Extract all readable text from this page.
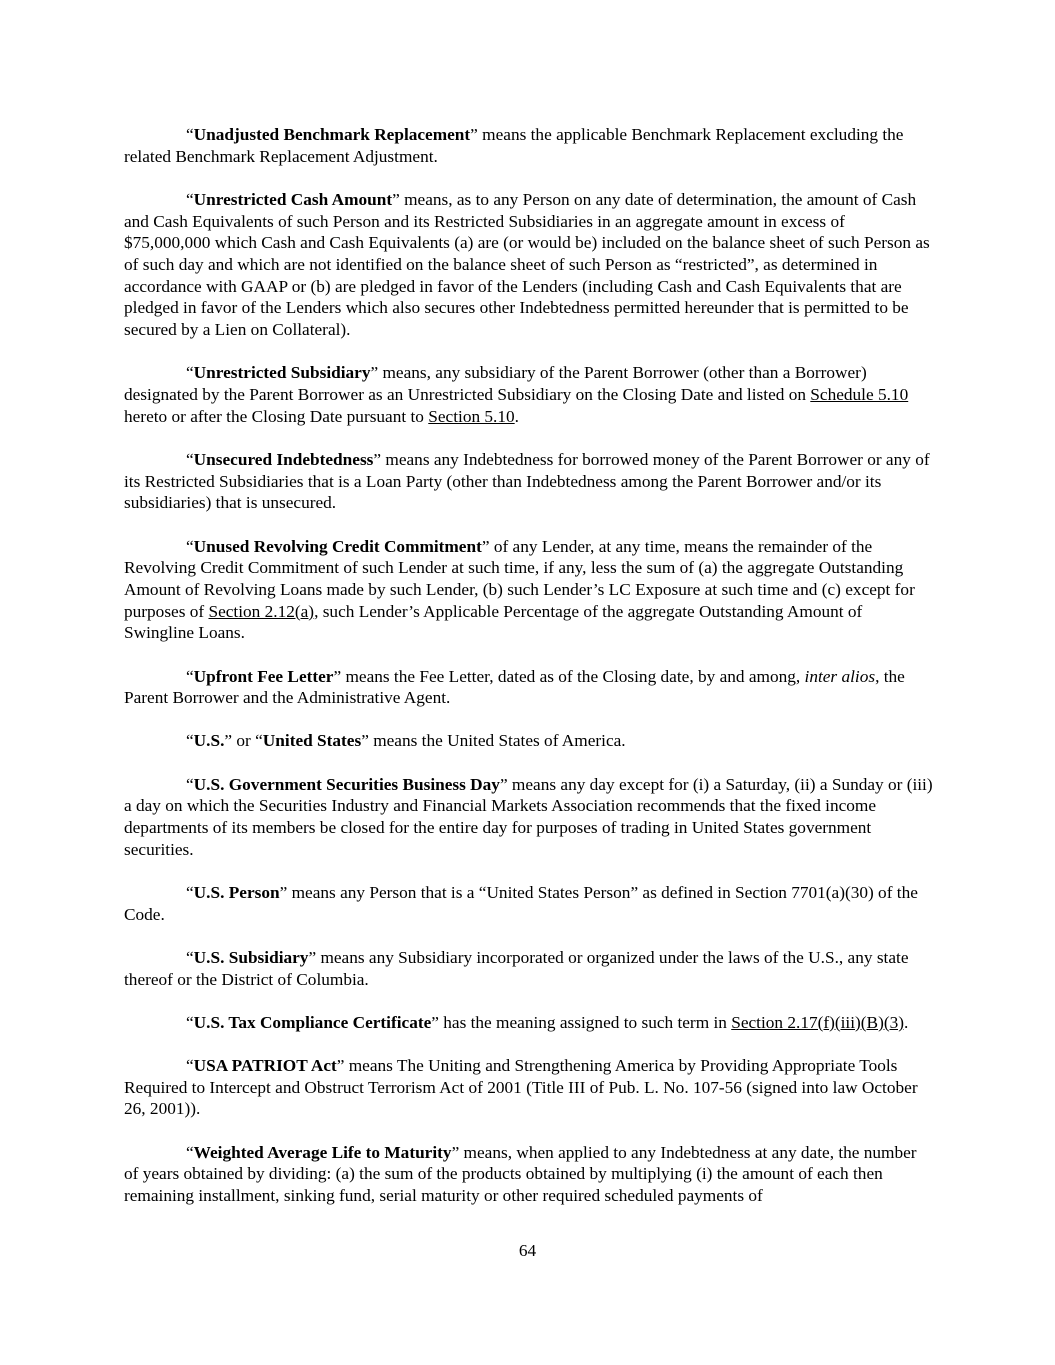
“Unadjusted Benchmark Replacement” means the applicable Benchmark Replacement excluding the related Benchmark Replacement Adjustment.

“Unrestricted Cash Amount” means, as to any Person on any date of determination, the amount of Cash and Cash Equivalents of such Person and its Restricted Subsidiaries in an aggregate amount in excess of $75,000,000 which Cash and Cash Equivalents (a) are (or would be) included on the balance sheet of such Person as of such day and which are not identified on the balance sheet of such Person as “restricted”, as determined in accordance with GAAP or (b) are pledged in favor of the Lenders (including Cash and Cash Equivalents that are pledged in favor of the Lenders which also secures other Indebtedness permitted hereunder that is permitted to be secured by a Lien on Collateral).

“Unrestricted Subsidiary” means, any subsidiary of the Parent Borrower (other than a Borrower) designated by the Parent Borrower as an Unrestricted Subsidiary on the Closing Date and listed on Schedule 5.10 hereto or after the Closing Date pursuant to Section 5.10.

“Unsecured Indebtedness” means any Indebtedness for borrowed money of the Parent Borrower or any of its Restricted Subsidiaries that is a Loan Party (other than Indebtedness among the Parent Borrower and/or its subsidiaries) that is unsecured.

“Unused Revolving Credit Commitment” of any Lender, at any time, means the remainder of the Revolving Credit Commitment of such Lender at such time, if any, less the sum of (a) the aggregate Outstanding Amount of Revolving Loans made by such Lender, (b) such Lender’s LC Exposure at such time and (c) except for purposes of Section 2.12(a), such Lender’s Applicable Percentage of the aggregate Outstanding Amount of Swingline Loans.

“Upfront Fee Letter” means the Fee Letter, dated as of the Closing date, by and among, inter alios, the Parent Borrower and the Administrative Agent.

“U.S.” or “United States” means the United States of America.

“U.S. Government Securities Business Day” means any day except for (i) a Saturday, (ii) a Sunday or (iii) a day on which the Securities Industry and Financial Markets Association recommends that the fixed income departments of its members be closed for the entire day for purposes of trading in United States government securities.

“U.S. Person” means any Person that is a “United States Person” as defined in Section 7701(a)(30) of the Code.

“U.S. Subsidiary” means any Subsidiary incorporated or organized under the laws of the U.S., any state thereof or the District of Columbia.

“U.S. Tax Compliance Certificate” has the meaning assigned to such term in Section 2.17(f)(iii)(B)(3).

“USA PATRIOT Act” means The Uniting and Strengthening America by Providing Appropriate Tools Required to Intercept and Obstruct Terrorism Act of 2001 (Title III of Pub. L. No. 107-56 (signed into law October 26, 2001)).

“Weighted Average Life to Maturity” means, when applied to any Indebtedness at any date, the number of years obtained by dividing: (a) the sum of the products obtained by multiplying (i) the amount of each then remaining installment, sinking fund, serial maturity or other required scheduled payments of

64
